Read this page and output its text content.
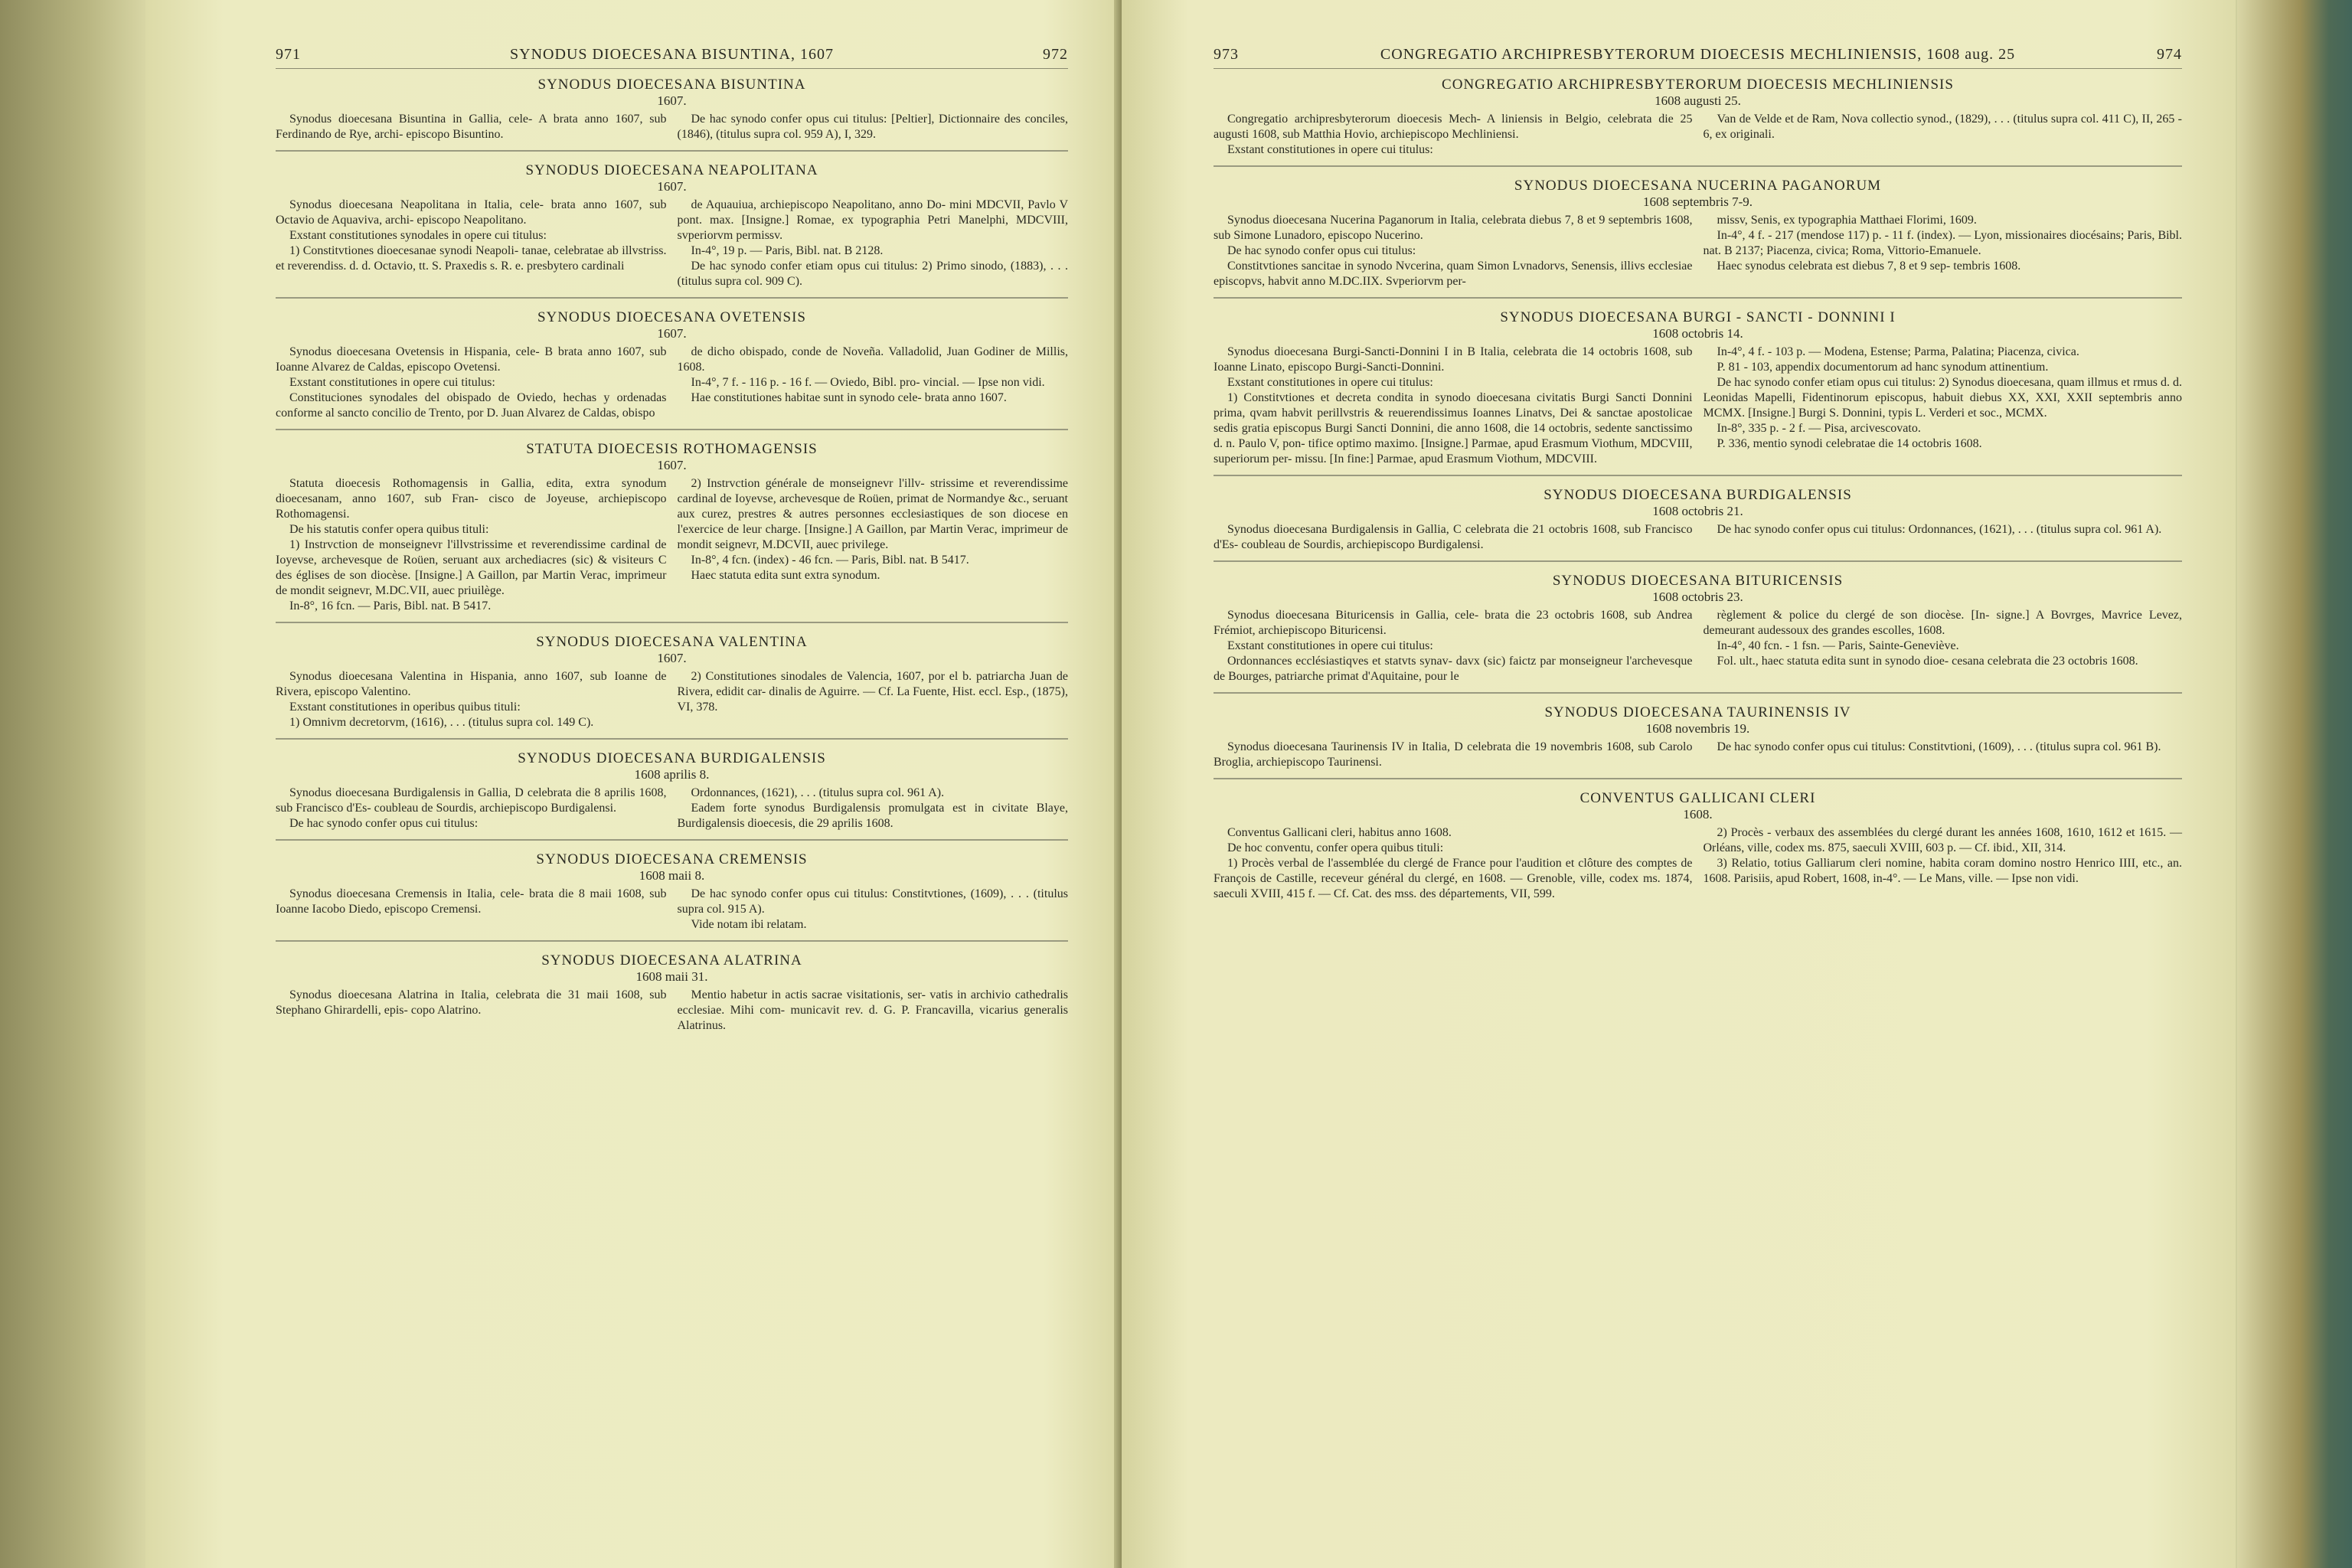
971	SYNODUS DIOECESANA BISUNTINA, 1607	972
SYNODUS DIOECESANA BISUNTINA
1607.

Synodus dioecesana Bisuntina in Gallia, cele- A brata anno 1607, sub Ferdinando de Rye, archi- episcopo Bisuntino.

De hac synodo confer opus cui titulus: [Peltier], Dictionnaire des conciles, (1846), (titulus supra col. 959 A), I, 329.

SYNODUS DIOECESANA NEAPOLITANA
1607.

Synodus dioecesana Neapolitana in Italia, cele- brata anno 1607, sub Octavio de Aquaviva, archi- episcopo Neapolitano.

Exstant constitutiones synodales in opere cui titulus:

1) Constitvtiones dioecesanae synodi Neapoli- tanae, celebratae ab illvstriss. et reverendiss. d. d. Octavio, tt. S. Praxedis s. R. e. presbytero cardinali

de Aquauiua, archiepiscopo Neapolitano, anno Do- mini MDCVII, Pavlo V pont. max. [Insigne.] Romae, ex typographia Petri Manelphi, MDCVIII, svperiorvm permissv.

In-4°, 19 p. — Paris, Bibl. nat. B 2128.

De hac synodo confer etiam opus cui titulus: 2) Primo sinodo, (1883), . . . (titulus supra col. 909 C).

SYNODUS DIOECESANA OVETENSIS
1607.

Synodus dioecesana Ovetensis in Hispania, cele- B brata anno 1607, sub Ioanne Alvarez de Caldas, episcopo Ovetensi.

Exstant constitutiones in opere cui titulus:

Constituciones synodales del obispado de Oviedo, hechas y ordenadas conforme al sancto concilio de Trento, por D. Juan Alvarez de Caldas, obispo

de dicho obispado, conde de Noveña. Valladolid, Juan Godiner de Millis, 1608.

In-4°, 7 f. - 116 p. - 16 f. — Oviedo, Bibl. pro- vincial. — Ipse non vidi.

Hae constitutiones habitae sunt in synodo cele- brata anno 1607.

STATUTA DIOECESIS ROTHOMAGENSIS
1607.

Statuta dioecesis Rothomagensis in Gallia, edita, extra synodum dioecesanam, anno 1607, sub Fran- cisco de Joyeuse, archiepiscopo Rothomagensi.

De his statutis confer opera quibus tituli:

1) Instrvction de monseignevr l'illvstrissime et reverendissime cardinal de Ioyevse, archevesque de Roüen, seruant aux archediacres (sic) & visiteurs C des églises de son diocèse. [Insigne.] A Gaillon, par Martin Verac, imprimeur de mondit seignevr, M.DC.VII, auec priuilège.

In-8°, 16 fcn. — Paris, Bibl. nat. B 5417.

2) Instrvction générale de monseignevr l'illv- strissime et reverendissime cardinal de Ioyevse, archevesque de Roüen, primat de Normandye &c., seruant aux curez, prestres & autres personnes ecclesiastiques de son diocese en l'exercice de leur charge. [Insigne.] A Gaillon, par Martin Verac, imprimeur de mondit seignevr, M.DCVII, auec privilege.

In-8°, 4 fcn. (index) - 46 fcn. — Paris, Bibl. nat. B 5417.

Haec statuta edita sunt extra synodum.

SYNODUS DIOECESANA VALENTINA
1607.

Synodus dioecesana Valentina in Hispania, anno 1607, sub Ioanne de Rivera, episcopo Valentino.

Exstant constitutiones in operibus quibus tituli:

1) Omnivm decretorvm, (1616), . . . (titulus supra col. 149 C).

2) Constitutiones sinodales de Valencia, 1607, por el b. patriarcha Juan de Rivera, edidit car- dinalis de Aguirre. — Cf. La Fuente, Hist. eccl. Esp., (1875), VI, 378.

SYNODUS DIOECESANA BURDIGALENSIS
1608 aprilis 8.

Synodus dioecesana Burdigalensis in Gallia, D celebrata die 8 aprilis 1608, sub Francisco d'Es- coubleau de Sourdis, archiepiscopo Burdigalensi.

De hac synodo confer opus cui titulus:

Ordonnances, (1621), . . . (titulus supra col. 961 A).

Eadem forte synodus Burdigalensis promulgata est in civitate Blaye, Burdigalensis dioecesis, die 29 aprilis 1608.

SYNODUS DIOECESANA CREMENSIS
1608 maii 8.

Synodus dioecesana Cremensis in Italia, cele- brata die 8 maii 1608, sub Ioanne Iacobo Diedo, episcopo Cremensi.

De hac synodo confer opus cui titulus: Constitvtiones, (1609), . . . (titulus supra col. 915 A).

Vide notam ibi relatam.

SYNODUS DIOECESANA ALATRINA
1608 maii 31.

Synodus dioecesana Alatrina in Italia, celebrata die 31 maii 1608, sub Stephano Ghirardelli, epis- copo Alatrino.

Mentio habetur in actis sacrae visitationis, ser- vatis in archivio cathedralis ecclesiae. Mihi com- municavit rev. d. G. P. Francavilla, vicarius generalis Alatrinus.

973	CONGREGATIO ARCHIPRESBYTERORUM DIOECESIS MECHLINIENSIS, 1608 aug. 25	974
CONGREGATIO ARCHIPRESBYTERORUM DIOECESIS MECHLINIENSIS
1608 augusti 25.

Congregatio archipresbyterorum dioecesis Mech- A liniensis in Belgio, celebrata die 25 augusti 1608, sub Matthia Hovio, archiepiscopo Mechliniensi.

Exstant constitutiones in opere cui titulus:

Van de Velde et de Ram, Nova collectio synod., (1829), . . . (titulus supra col. 411 C), II, 265 - 6, ex originali.

SYNODUS DIOECESANA NUCERINA PAGANORUM
1608 septembris 7-9.

Synodus dioecesana Nucerina Paganorum in Italia, celebrata diebus 7, 8 et 9 septembris 1608, sub Simone Lunadoro, episcopo Nucerino.

De hac synodo confer opus cui titulus:

Constitvtiones sancitae in synodo Nvcerina, quam Simon Lvnadorvs, Senensis, illivs ecclesiae episcopvs, habvit anno M.DC.IIX. Svperiorvm per-

missv, Senis, ex typographia Matthaei Florimi, 1609.

In-4°, 4 f. - 217 (mendose 117) p. - 11 f. (index). — Lyon, missionaires diocésains; Paris, Bibl. nat. B 2137; Piacenza, civica; Roma, Vittorio-Emanuele.

Haec synodus celebrata est diebus 7, 8 et 9 sep- tembris 1608.

SYNODUS DIOECESANA BURGI - SANCTI - DONNINI I
1608 octobris 14.

Synodus dioecesana Burgi-Sancti-Donnini I in B Italia, celebrata die 14 octobris 1608, sub Ioanne Linato, episcopo Burgi-Sancti-Donnini.

Exstant constitutiones in opere cui titulus:

1) Constitvtiones et decreta condita in synodo dioecesana civitatis Burgi Sancti Donnini prima, qvam habvit perillvstris & reuerendissimus Ioannes Linatvs, Dei & sanctae apostolicae sedis gratia episcopus Burgi Sancti Donnini, die anno 1608, die 14 octobris, sedente sanctissimo d. n. Paulo V, pon- tifice optimo maximo. [Insigne.] Parmae, apud Erasmum Viothum, MDCVIII, superiorum per- missu. [In fine:] Parmae, apud Erasmum Viothum, MDCVIII.

In-4°, 4 f. - 103 p. — Modena, Estense; Parma, Palatina; Piacenza, civica.

P. 81 - 103, appendix documentorum ad hanc synodum attinentium.

De hac synodo confer etiam opus cui titulus: 2) Synodus dioecesana, quam illmus et rmus d. d. Leonidas Mapelli, Fidentinorum episcopus, habuit diebus XX, XXI, XXII septembris anno MCMX. [Insigne.] Burgi S. Donnini, typis L. Verderi et soc., MCMX.

In-8°, 335 p. - 2 f. — Pisa, arcivescovato.

P. 336, mentio synodi celebratae die 14 octobris 1608.

SYNODUS DIOECESANA BURDIGALENSIS
1608 octobris 21.

Synodus dioecesana Burdigalensis in Gallia, C celebrata die 21 octobris 1608, sub Francisco d'Es- coubleau de Sourdis, archiepiscopo Burdigalensi.

De hac synodo confer opus cui titulus: Ordonnances, (1621), . . . (titulus supra col. 961 A).

SYNODUS DIOECESANA BITURICENSIS
1608 octobris 23.

Synodus dioecesana Bituricensis in Gallia, cele- brata die 23 octobris 1608, sub Andrea Frémiot, archiepiscopo Bituricensi.

Exstant constitutiones in opere cui titulus:

Ordonnances ecclésiastiqves et statvts synav- davx (sic) faictz par monseigneur l'archevesque de Bourges, patriarche primat d'Aquitaine, pour le

règlement & police du clergé de son diocèse. [In- signe.] A Bovrges, Mavrice Levez, demeurant audessoux des grandes escolles, 1608.

In-4°, 40 fcn. - 1 fsn. — Paris, Sainte-Geneviève.

Fol. ult., haec statuta edita sunt in synodo dioe- cesana celebrata die 23 octobris 1608.

SYNODUS DIOECESANA TAURINENSIS IV
1608 novembris 19.

Synodus dioecesana Taurinensis IV in Italia, D celebrata die 19 novembris 1608, sub Carolo Broglia, archiepiscopo Taurinensi.

De hac synodo confer opus cui titulus: Constitvtioni, (1609), . . . (titulus supra col. 961 B).

CONVENTUS GALLICANI CLERI
1608.

Conventus Gallicani cleri, habitus anno 1608.

De hoc conventu, confer opera quibus tituli:

1) Procès verbal de l'assemblée du clergé de France pour l'audition et clôture des comptes de François de Castille, receveur général du clergé, en 1608. — Grenoble, ville, codex ms. 1874, saeculi XVIII, 415 f. — Cf. Cat. des mss. des départements, VII, 599.

2) Procès - verbaux des assemblées du clergé durant les années 1608, 1610, 1612 et 1615. — Orléans, ville, codex ms. 875, saeculi XVIII, 603 p. — Cf. ibid., XII, 314.

3) Relatio, totius Galliarum cleri nomine, habita coram domino nostro Henrico IIII, etc., an. 1608. Parisiis, apud Robert, 1608, in-4°. — Le Mans, ville. — Ipse non vidi.
